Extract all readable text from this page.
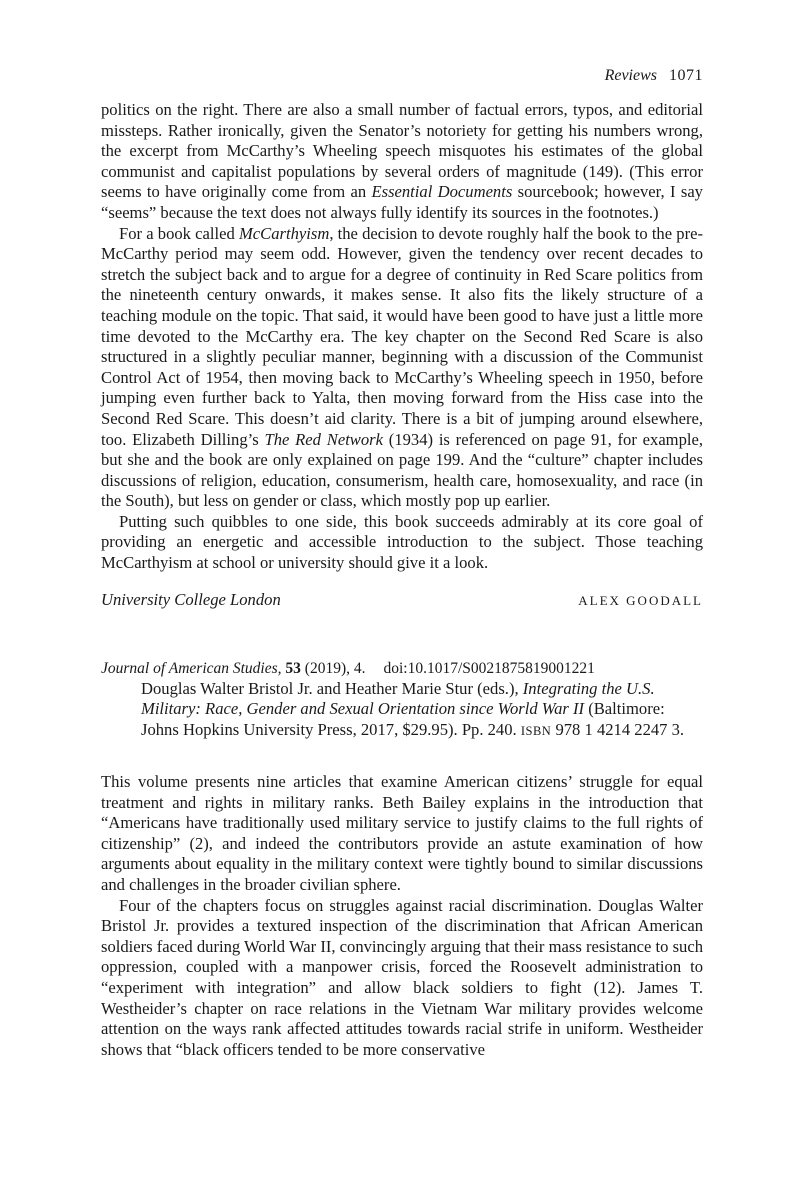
Reviews 1071

politics on the right. There are also a small number of factual errors, typos, and editorial missteps. Rather ironically, given the Senator’s notoriety for getting his numbers wrong, the excerpt from McCarthy’s Wheeling speech misquotes his estimates of the global communist and capitalist populations by several orders of magnitude (149). (This error seems to have originally come from an Essential Documents sourcebook; however, I say “seems” because the text does not always fully identify its sources in the footnotes.)

For a book called McCarthyism, the decision to devote roughly half the book to the pre-McCarthy period may seem odd. However, given the tendency over recent decades to stretch the subject back and to argue for a degree of continuity in Red Scare politics from the nineteenth century onwards, it makes sense. It also fits the likely structure of a teaching module on the topic. That said, it would have been good to have just a little more time devoted to the McCarthy era. The key chapter on the Second Red Scare is also structured in a slightly peculiar manner, beginning with a discussion of the Communist Control Act of 1954, then moving back to McCarthy’s Wheeling speech in 1950, before jumping even further back to Yalta, then moving forward from the Hiss case into the Second Red Scare. This doesn’t aid clarity. There is a bit of jumping around elsewhere, too. Elizabeth Dilling’s The Red Network (1934) is referenced on page 91, for example, but she and the book are only explained on page 199. And the “culture” chapter includes discussions of religion, education, consumerism, health care, homosexuality, and race (in the South), but less on gender or class, which mostly pop up earlier.

Putting such quibbles to one side, this book succeeds admirably at its core goal of providing an energetic and accessible introduction to the subject. Those teaching McCarthyism at school or university should give it a look.

University College London	ALEX GOODALL
Journal of American Studies, 53 (2019), 4. doi:10.1017/S0021875819001221
Douglas Walter Bristol Jr. and Heather Marie Stur (eds.), Integrating the U.S. Military: Race, Gender and Sexual Orientation since World War II (Baltimore: Johns Hopkins University Press, 2017, $29.95). Pp. 240. ISBN 978 1 4214 2247 3.

This volume presents nine articles that examine American citizens’ struggle for equal treatment and rights in military ranks. Beth Bailey explains in the introduction that “Americans have traditionally used military service to justify claims to the full rights of citizenship” (2), and indeed the contributors provide an astute examination of how arguments about equality in the military context were tightly bound to similar discussions and challenges in the broader civilian sphere.

Four of the chapters focus on struggles against racial discrimination. Douglas Walter Bristol Jr. provides a textured inspection of the discrimination that African American soldiers faced during World War II, convincingly arguing that their mass resistance to such oppression, coupled with a manpower crisis, forced the Roosevelt administration to “experiment with integration” and allow black soldiers to fight (12). James T. Westheider’s chapter on race relations in the Vietnam War military provides welcome attention on the ways rank affected attitudes towards racial strife in uniform. Westheider shows that “black officers tended to be more conservative
